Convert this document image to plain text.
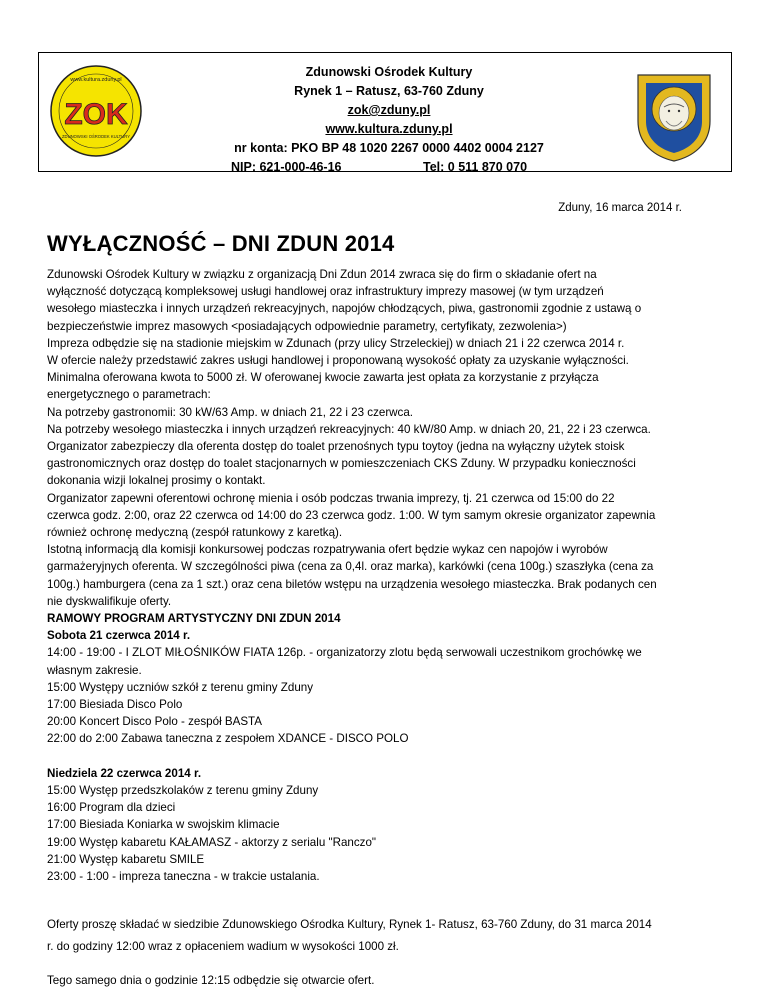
www.kultura.zduny.pl
ZOK
ZDUNOWSKI OŚRODEK KULTURY
Zdunowski Ośrodek Kultury
Rynek 1 – Ratusz, 63-760 Zduny
zok@zduny.pl
www.kultura.zduny.pl
nr konta: PKO BP 48 1020 2267 0000 4402 0004 2127
NIP: 621-000-46-16	Tel: 0 511 870 070
Zduny, 16 marca 2014 r.
WYŁĄCZNOŚĆ – DNI ZDUN 2014

Zdunowski Ośrodek Kultury w związku z organizacją Dni Zdun 2014 zwraca się do firm o składanie ofert na

wyłączność dotyczącą kompleksowej usługi handlowej oraz infrastruktury imprezy masowej (w tym urządzeń

wesołego miasteczka i innych urządzeń rekreacyjnych, napojów chłodzących, piwa, gastronomii zgodnie z ustawą o

bezpieczeństwie imprez masowych <posiadających odpowiednie parametry, certyfikaty, zezwolenia>)

Impreza odbędzie się na stadionie miejskim w Zdunach (przy ulicy Strzeleckiej) w dniach 21 i 22 czerwca 2014 r.

W ofercie należy przedstawić zakres usługi handlowej i proponowaną wysokość opłaty za uzyskanie wyłączności.

Minimalna oferowana kwota to 5000 zł. W oferowanej kwocie zawarta jest opłata za korzystanie z przyłącza

energetycznego o parametrach:

Na potrzeby gastronomii: 30 kW/63 Amp. w dniach 21, 22 i 23 czerwca.

Na potrzeby wesołego miasteczka i innych urządzeń rekreacyjnych: 40 kW/80 Amp. w dniach 20, 21, 22 i 23 czerwca.

Organizator zabezpieczy dla oferenta dostęp do toalet przenośnych typu toytoy (jedna na wyłączny użytek stoisk

gastronomicznych oraz dostęp do toalet stacjonarnych w pomieszczeniach CKS Zduny. W przypadku konieczności

dokonania wizji lokalnej prosimy o kontakt.

Organizator zapewni oferentowi ochronę mienia i osób podczas trwania imprezy, tj. 21 czerwca od 15:00 do 22

czerwca godz. 2:00, oraz 22 czerwca od 14:00 do 23 czerwca godz. 1:00. W tym samym okresie organizator zapewnia

również ochronę medyczną (zespół ratunkowy z karetką).

Istotną informacją dla komisji konkursowej podczas rozpatrywania ofert będzie wykaz cen napojów i wyrobów

garmażeryjnych oferenta. W szczególności piwa (cena za 0,4l. oraz marka), karkówki (cena 100g.) szaszłyka (cena za

100g.) hamburgera (cena za 1 szt.) oraz cena biletów wstępu na urządzenia wesołego miasteczka. Brak podanych cen

nie dyskwalifikuje oferty.

RAMOWY PROGRAM ARTYSTYCZNY DNI ZDUN 2014

Sobota 21 czerwca 2014 r.

14:00 - 19:00 - I ZLOT MIŁOŚNIKÓW FIATA 126p. - organizatorzy zlotu będą serwowali uczestnikom grochówkę we

własnym zakresie.

15:00 Występy uczniów szkół z terenu gminy Zduny

17:00 Biesiada Disco Polo

20:00 Koncert Disco Polo - zespół BASTA

22:00 do 2:00 Zabawa taneczna z zespołem XDANCE - DISCO POLO

Niedziela 22 czerwca 2014 r.

15:00 Występ przedszkolaków z terenu gminy Zduny

16:00 Program dla dzieci

17:00 Biesiada Koniarka w swojskim klimacie

19:00 Występ kabaretu KAŁAMASZ - aktorzy z serialu "Ranczo"

21:00 Występ kabaretu SMILE

23:00 - 1:00 - impreza taneczna - w trakcie ustalania.

Oferty proszę składać w siedzibie Zdunowskiego Ośrodka Kultury, Rynek 1- Ratusz, 63-760 Zduny, do 31 marca 2014

r. do godziny 12:00 wraz z opłaceniem wadium w wysokości 1000 zł.

Tego samego dnia o godzinie 12:15 odbędzie się otwarcie ofert.
